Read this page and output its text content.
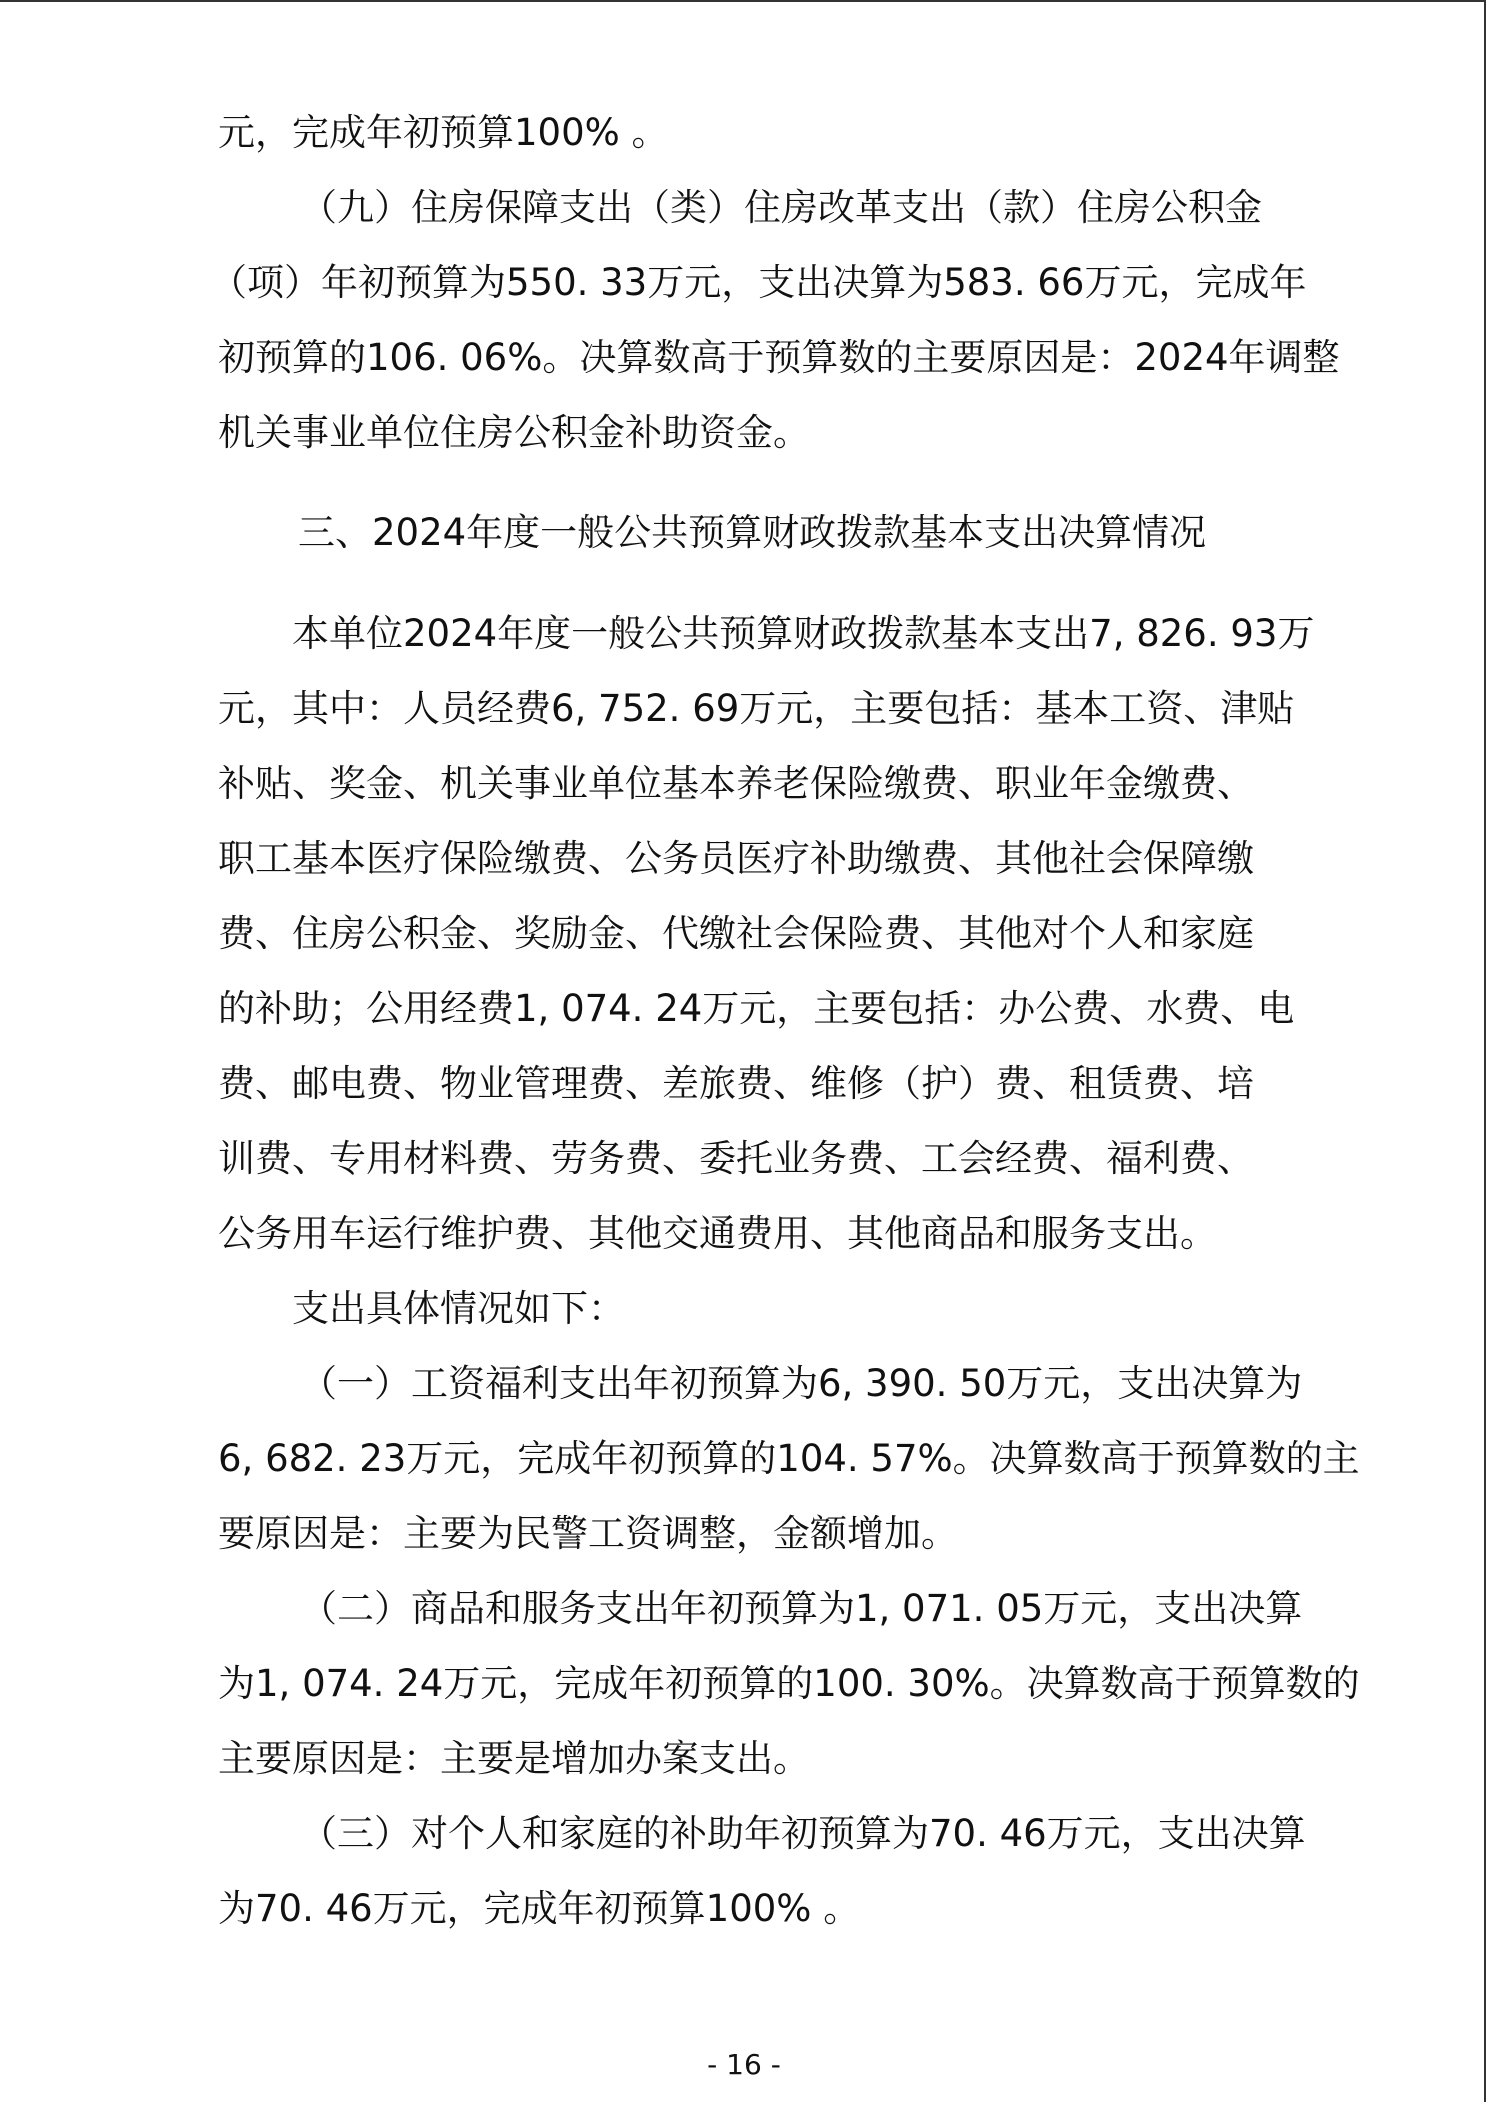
元，完成年初预算100% 。
（九）住房保障支出（类）住房改革支出（款）住房公积金
（项）年初预算为550. 33万元，支出决算为583. 66万元，完成年
初预算的106. 06%。决算数高于预算数的主要原因是：2024年调整
机关事业单位住房公积金补助资金。
三、2024年度一般公共预算财政拨款基本支出决算情况
本单位2024年度一般公共预算财政拨款基本支出7, 826. 93万
元，其中：人员经费6, 752. 69万元，主要包括：基本工资、津贴
补贴、奖金、机关事业单位基本养老保险缴费、职业年金缴费、
职工基本医疗保险缴费、公务员医疗补助缴费、其他社会保障缴
费、住房公积金、奖励金、代缴社会保险费、其他对个人和家庭
的补助；公用经费1, 074. 24万元，主要包括：办公费、水费、电
费、邮电费、物业管理费、差旅费、维修（护）费、租赁费、培
训费、专用材料费、劳务费、委托业务费、工会经费、福利费、
公务用车运行维护费、其他交通费用、其他商品和服务支出。
支出具体情况如下：
（一）工资福利支出年初预算为6, 390. 50万元，支出决算为
6, 682. 23万元，完成年初预算的104. 57%。决算数高于预算数的主
要原因是：主要为民警工资调整，金额增加。
（二）商品和服务支出年初预算为1, 071. 05万元，支出决算
为1, 074. 24万元，完成年初预算的100. 30%。决算数高于预算数的
主要原因是：主要是增加办案支出。
（三）对个人和家庭的补助年初预算为70. 46万元，支出决算
为70. 46万元，完成年初预算100% 。
- 16 -
